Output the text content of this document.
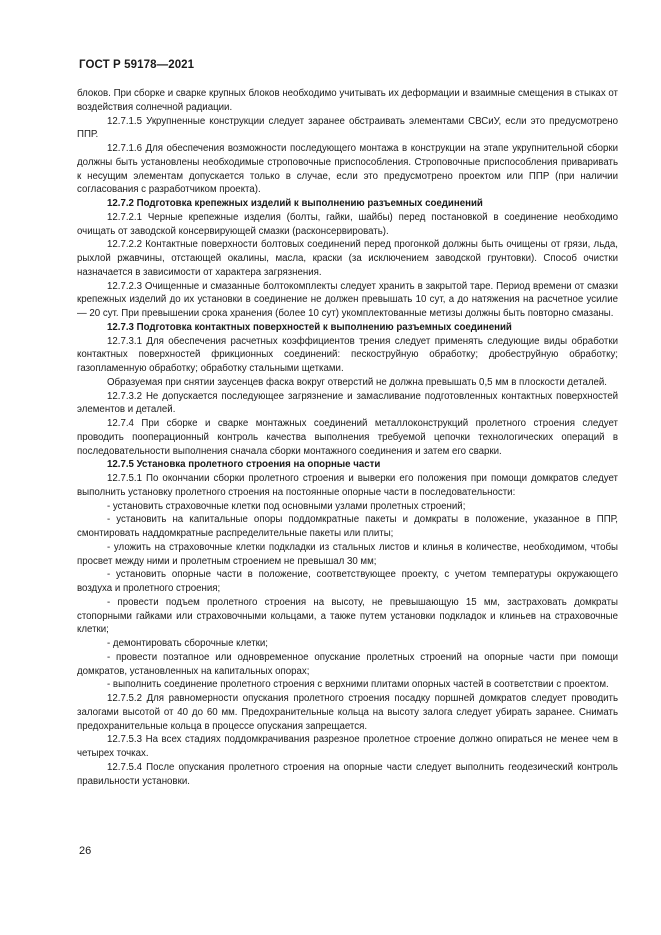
ГОСТ Р 59178—2021

блоков. При сборке и сварке крупных блоков необходимо учитывать их деформации и взаимные смещения в стыках от воздействия солнечной радиации.

12.7.1.5 Укрупненные конструкции следует заранее обстраивать элементами СВСиУ, если это предусмотрено ППР.

12.7.1.6 Для обеспечения возможности последующего монтажа в конструкции на этапе укрупнительной сборки должны быть установлены необходимые строповочные приспособления. Строповочные приспособления приваривать к несущим элементам допускается только в случае, если это предусмотрено проектом или ППР (при наличии согласования с разработчиком проекта).

12.7.2 Подготовка крепежных изделий к выполнению разъемных соединений

12.7.2.1 Черные крепежные изделия (болты, гайки, шайбы) перед постановкой в соединение необходимо очищать от заводской консервирующей смазки (расконсервировать).

12.7.2.2 Контактные поверхности болтовых соединений перед прогонкой должны быть очищены от грязи, льда, рыхлой ржавчины, отстающей окалины, масла, краски (за исключением заводской грунтовки). Способ очистки назначается в зависимости от характера загрязнения.

12.7.2.3 Очищенные и смазанные болтокомплекты следует хранить в закрытой таре. Период времени от смазки крепежных изделий до их установки в соединение не должен превышать 10 сут, а до натяжения на расчетное усилие — 20 сут. При превышении срока хранения (более 10 сут) укомплектованные метизы должны быть повторно смазаны.

12.7.3 Подготовка контактных поверхностей к выполнению разъемных соединений

12.7.3.1 Для обеспечения расчетных коэффициентов трения следует применять следующие виды обработки контактных поверхностей фрикционных соединений: пескоструйную обработку; дробеструйную обработку; газопламенную обработку; обработку стальными щетками.

Образуемая при снятии заусенцев фаска вокруг отверстий не должна превышать 0,5 мм в плоскости деталей.

12.7.3.2 Не допускается последующее загрязнение и замасливание подготовленных контактных поверхностей элементов и деталей.

12.7.4 При сборке и сварке монтажных соединений металлоконструкций пролетного строения следует проводить пооперационный контроль качества выполнения требуемой цепочки технологических операций в последовательности выполнения сначала сборки монтажного соединения и затем его сварки.

12.7.5 Установка пролетного строения на опорные части

12.7.5.1 По окончании сборки пролетного строения и выверки его положения при помощи домкратов следует выполнить установку пролетного строения на постоянные опорные части в последовательности:

- установить страховочные клетки под основными узлами пролетных строений;

- установить на капитальные опоры поддомкратные пакеты и домкраты в положение, указанное в ППР, смонтировать наддомкратные распределительные пакеты или плиты;

- уложить на страховочные клетки подкладки из стальных листов и клинья в количестве, необходимом, чтобы просвет между ними и пролетным строением не превышал 30 мм;

- установить опорные части в положение, соответствующее проекту, с учетом температуры окружающего воздуха и пролетного строения;

- провести подъем пролетного строения на высоту, не превышающую 15 мм, застраховать домкраты стопорными гайками или страховочными кольцами, а также путем установки подкладок и клиньев на страховочные клетки;

- демонтировать сборочные клетки;

- провести поэтапное или одновременное опускание пролетных строений на опорные части при помощи домкратов, установленных на капитальных опорах;

- выполнить соединение пролетного строения с верхними плитами опорных частей в соответствии с проектом.

12.7.5.2 Для равномерности опускания пролетного строения посадку поршней домкратов следует проводить залогами высотой от 40 до 60 мм. Предохранительные кольца на высоту залога следует убирать заранее. Снимать предохранительные кольца в процессе опускания запрещается.

12.7.5.3 На всех стадиях поддомкрачивания разрезное пролетное строение должно опираться не менее чем в четырех точках.

12.7.5.4 После опускания пролетного строения на опорные части следует выполнить геодезический контроль правильности установки.

26
